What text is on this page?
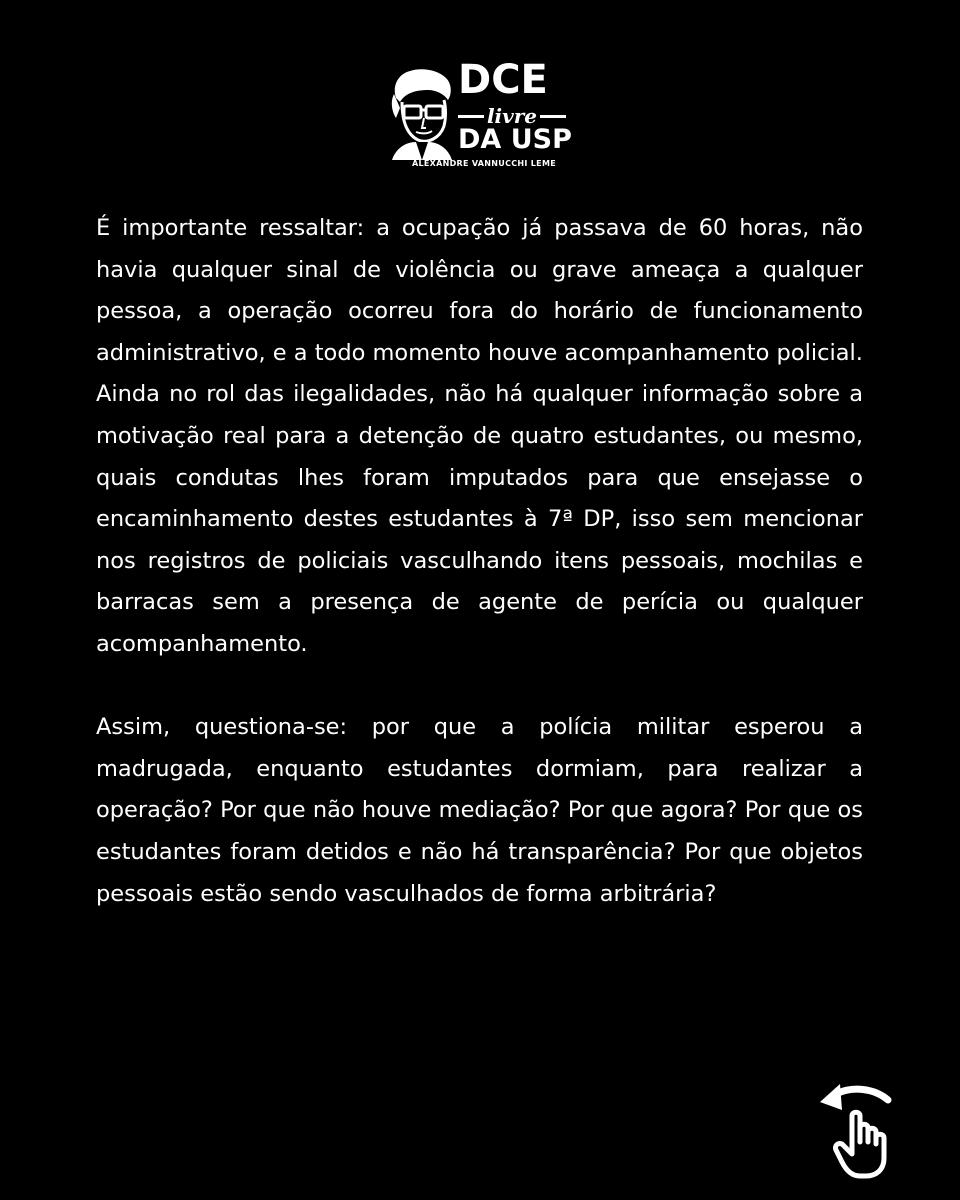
DCE
livre
DA USP
ALEXANDRE VANNUCCHI LEME

É importante ressaltar: a ocupação já passava de 60 horas, não havia qualquer sinal de violência ou grave ameaça a qualquer pessoa, a operação ocorreu fora do horário de funcionamento administrativo, e a todo momento houve acompanhamento policial.

Ainda no rol das ilegalidades, não há qualquer informação sobre a motivação real para a detenção de quatro estudantes, ou mesmo, quais condutas lhes foram imputados para que ensejasse o encaminhamento destes estudantes à 7ª DP, isso sem mencionar nos registros de policiais vasculhando itens pessoais, mochilas e barracas sem a presença de agente de perícia ou qualquer acompanhamento.

Assim, questiona-se: por que a polícia militar esperou a madrugada, enquanto estudantes dormiam, para realizar a operação? Por que não houve mediação? Por que agora? Por que os estudantes foram detidos e não há transparência? Por que objetos pessoais estão sendo vasculhados de forma arbitrária?
